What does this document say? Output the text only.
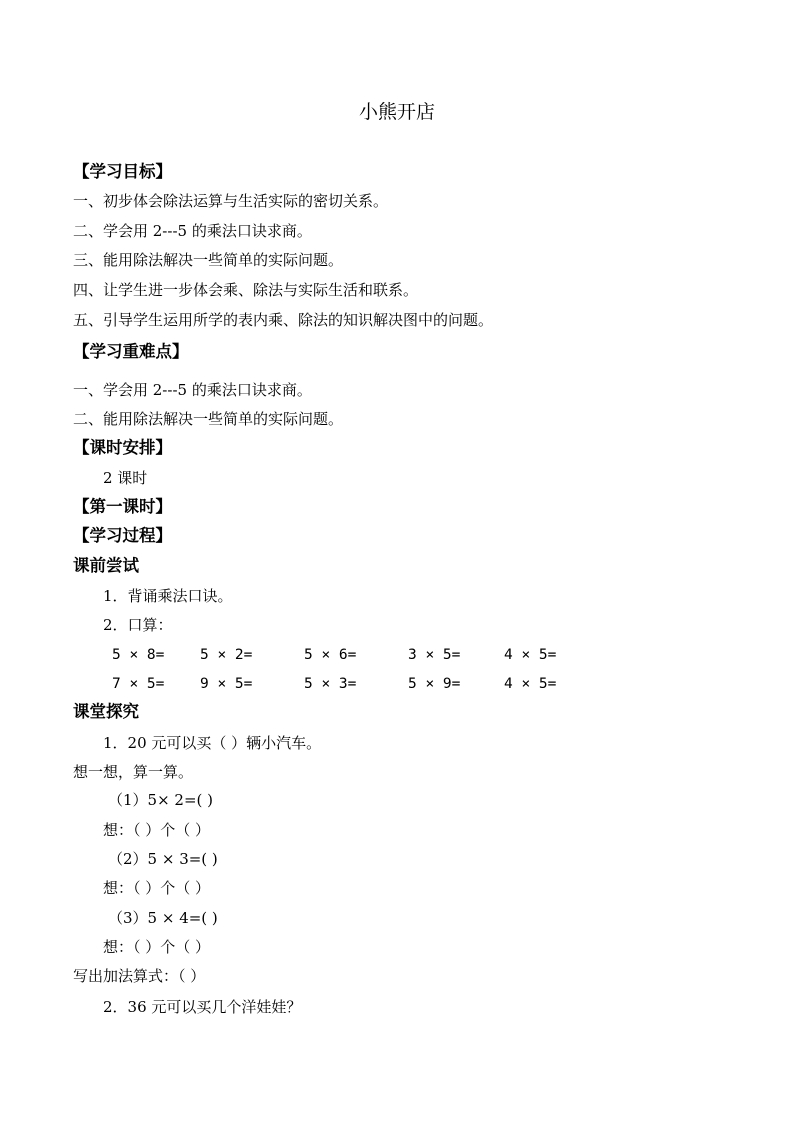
小熊开店
【学习目标】
一、初步体会除法运算与生活实际的密切关系。
二、学会用 2---5 的乘法口诀求商。
三、能用除法解决一些简单的实际问题。
四、让学生进一步体会乘、除法与实际生活和联系。
五、引导学生运用所学的表内乘、除法的知识解决图中的问题。
【学习重难点】
一、学会用 2---5 的乘法口诀求商。
二、能用除法解决一些简单的实际问题。
【课时安排】
2 课时
【第一课时】
【学习过程】
课前尝试
1．背诵乘法口诀。
2．口算：
5 × 8= 5 × 2=	5 × 6=	3 × 5=	4 × 5=
7 × 5= 9 × 5=	5 × 3=	5 × 9=	4 × 5=
课堂探究
1．20 元可以买（ ）辆小汽车。
想一想，算一算。
（1）5× 2=( )
想：（ ）个（ ）
（2）5 × 3=( )
想：（ ）个（ ）
（3）5 × 4=( )
想：（ ）个（ ）
写出加法算式：（ ）
2．36 元可以买几个洋娃娃？
